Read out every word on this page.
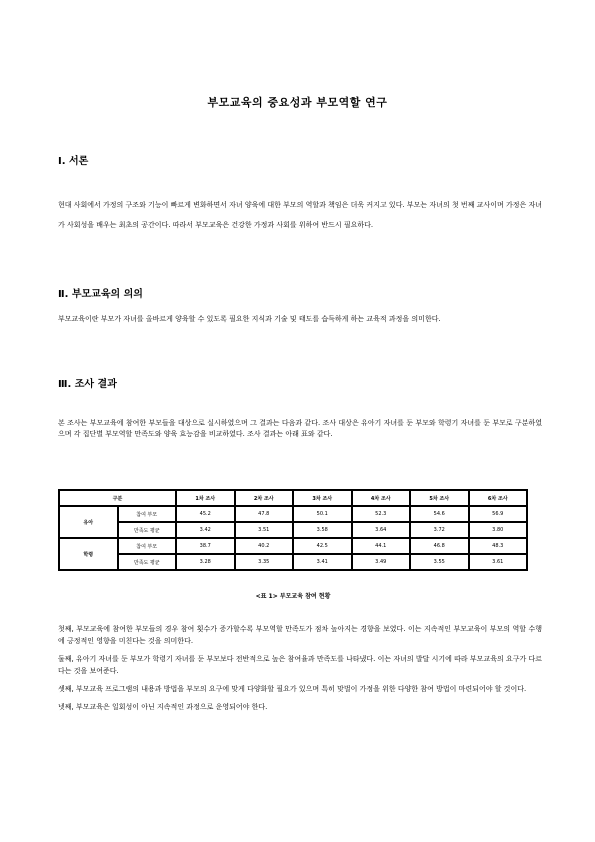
부모교육의 중요성과 부모역할 연구
Ⅰ. 서론
현대 사회에서 가정의 구조와 기능이 빠르게 변화하면서 자녀 양육에 대한 부모의 역할과 책임은 더욱 커지고 있다. 부모는 자녀의 첫 번째 교사이며 가정은 자녀가 사회성을 배우는 최초의 공간이다. 따라서 부모교육은 건강한 가정과 사회를 위하여 반드시 필요하다.
Ⅱ. 부모교육의 의의
부모교육이란 부모가 자녀를 올바르게 양육할 수 있도록 필요한 지식과 기술 및 태도를 습득하게 하는 교육적 과정을 의미한다.
Ⅲ. 조사 결과
본 조사는 부모교육에 참여한 부모들을 대상으로 실시하였으며 그 결과는 다음과 같다. 조사 대상은 유아기 자녀를 둔 부모와 학령기 자녀를 둔 부모로 구분하였으며 각 집단별 부모역할 만족도와 양육 효능감을 비교하였다. 조사 결과는 아래 표와 같다.
구분		1차 조사	2차 조사	3차 조사	4차 조사	5차 조사	6차 조사
유아	참여 부모	45.2	47.8	50.1	52.3	54.6	56.9
	만족도 평균	3.42	3.51	3.58	3.64	3.72	3.80
학령	참여 부모	38.7	40.2	42.5	44.1	46.8	48.3
	만족도 평균	3.28	3.35	3.41	3.49	3.55	3.61
<표 1> 부모교육 참여 현황

첫째, 부모교육에 참여한 부모들의 경우 참여 횟수가 증가할수록 부모역할 만족도가 점차 높아지는 경향을 보였다. 이는 지속적인 부모교육이 부모의 역할 수행에 긍정적인 영향을 미친다는 것을 의미한다.

둘째, 유아기 자녀를 둔 부모가 학령기 자녀를 둔 부모보다 전반적으로 높은 참여율과 만족도를 나타냈다. 이는 자녀의 발달 시기에 따라 부모교육의 요구가 다르다는 것을 보여준다.

셋째, 부모교육 프로그램의 내용과 방법을 부모의 요구에 맞게 다양화할 필요가 있으며 특히 맞벌이 가정을 위한 다양한 참여 방법이 마련되어야 할 것이다.

넷째, 부모교육은 일회성이 아닌 지속적인 과정으로 운영되어야 한다.
